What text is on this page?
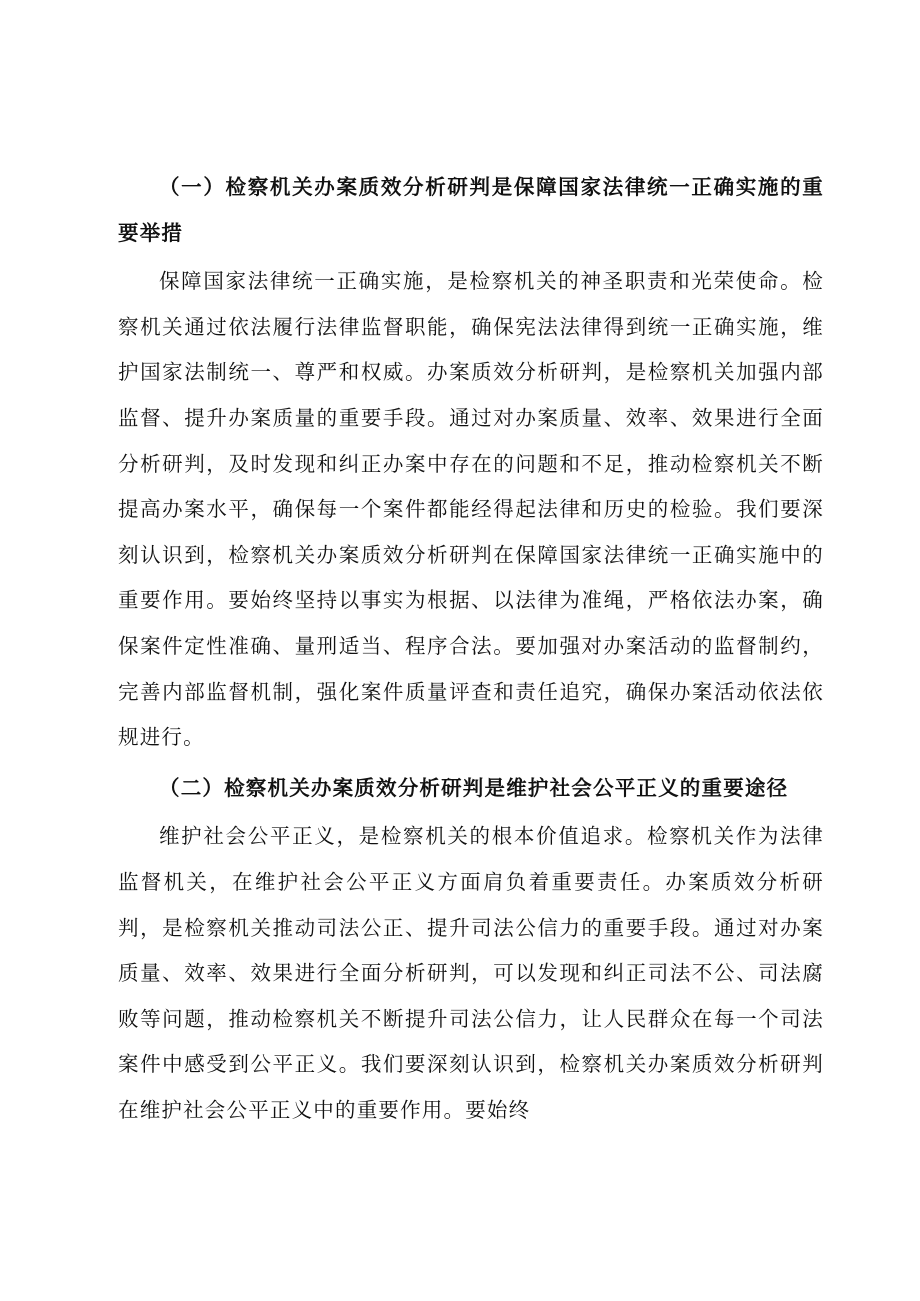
（一）检察机关办案质效分析研判是保障国家法律统一正确实施的重要举措

保障国家法律统一正确实施，是检察机关的神圣职责和光荣使命。检察机关通过依法履行法律监督职能，确保宪法法律得到统一正确实施，维护国家法制统一、尊严和权威。办案质效分析研判，是检察机关加强内部监督、提升办案质量的重要手段。通过对办案质量、效率、效果进行全面分析研判，及时发现和纠正办案中存在的问题和不足，推动检察机关不断提高办案水平，确保每一个案件都能经得起法律和历史的检验。我们要深刻认识到，检察机关办案质效分析研判在保障国家法律统一正确实施中的重要作用。要始终坚持以事实为根据、以法律为准绳，严格依法办案，确保案件定性准确、量刑适当、程序合法。要加强对办案活动的监督制约，完善内部监督机制，强化案件质量评查和责任追究，确保办案活动依法依规进行。

（二）检察机关办案质效分析研判是维护社会公平正义的重要途径

维护社会公平正义，是检察机关的根本价值追求。检察机关作为法律监督机关，在维护社会公平正义方面肩负着重要责任。办案质效分析研判，是检察机关推动司法公正、提升司法公信力的重要手段。通过对办案质量、效率、效果进行全面分析研判，可以发现和纠正司法不公、司法腐败等问题，推动检察机关不断提升司法公信力，让人民群众在每一个司法案件中感受到公平正义。我们要深刻认识到，检察机关办案质效分析研判在维护社会公平正义中的重要作用。要始终
